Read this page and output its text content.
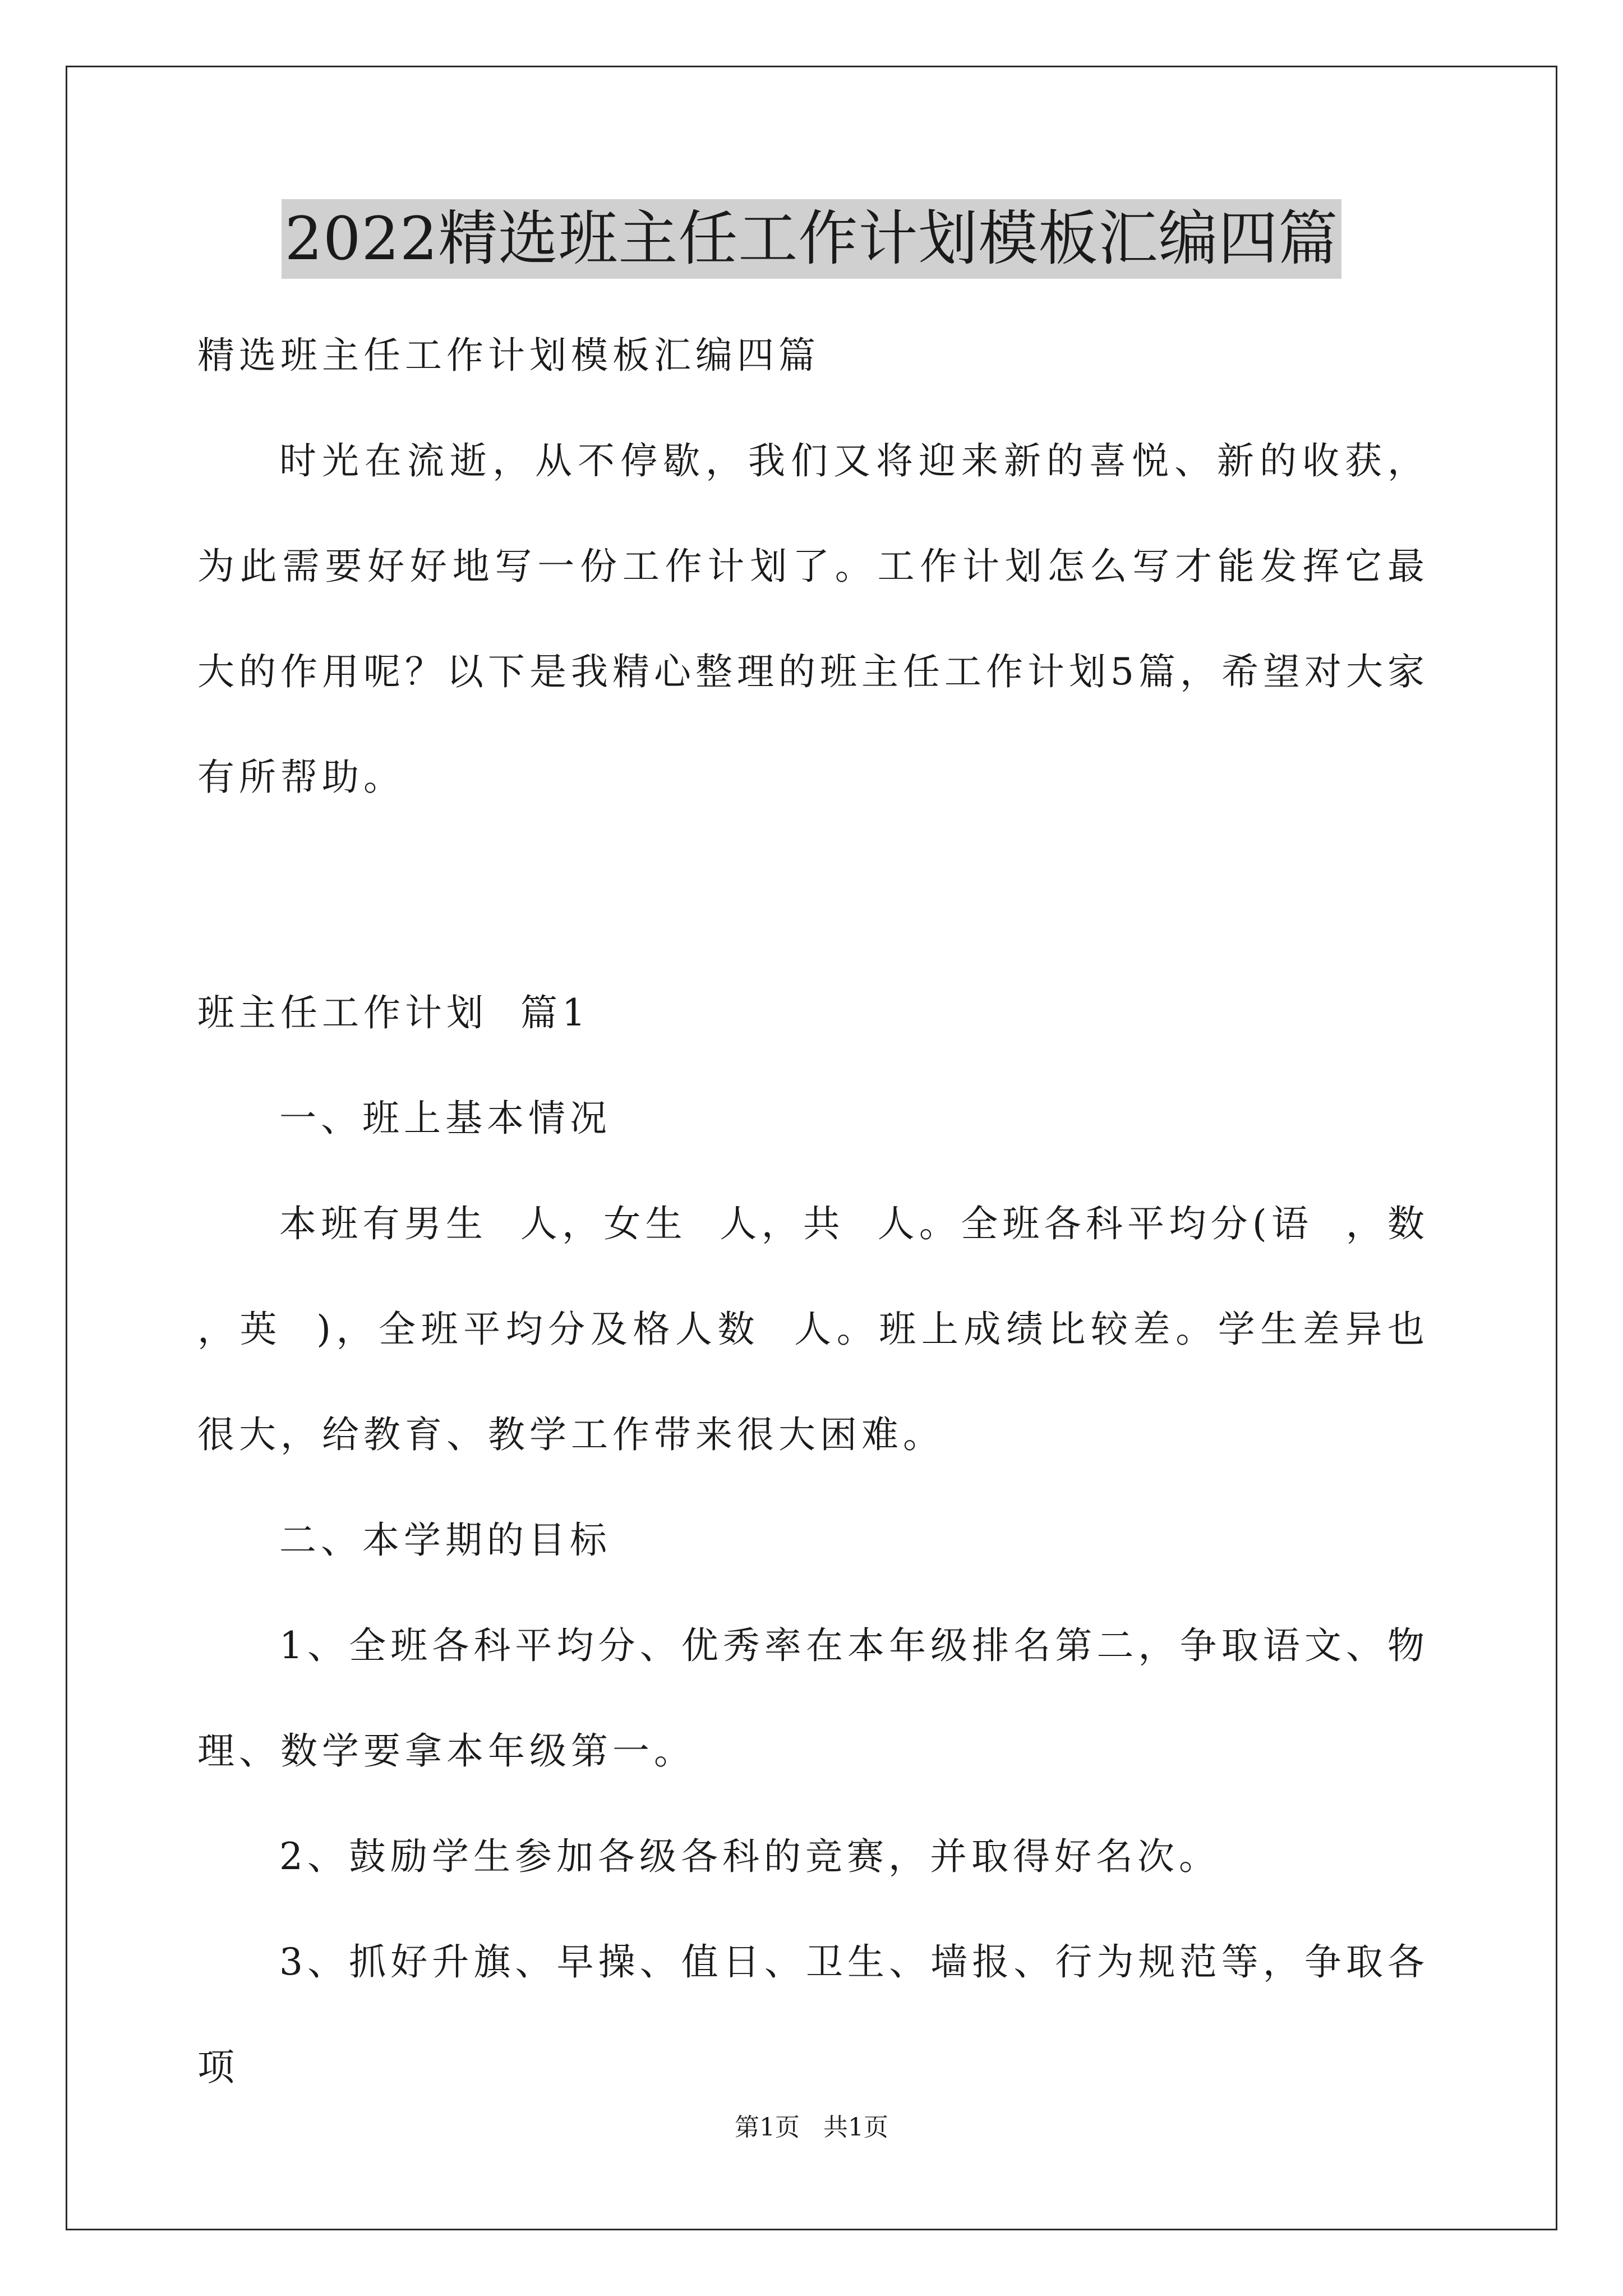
2022精选班主任工作计划模板汇编四篇

精选班主任工作计划模板汇编四篇

时光在流逝，从不停歇，我们又将迎来新的喜悦、新的收获，为此需要好好地写一份工作计划了。工作计划怎么写才能发挥它最大的作用呢？以下是我精心整理的班主任工作计划5篇，希望对大家有所帮助。

班主任工作计划  篇1

一、班上基本情况

本班有男生  人，女生  人，共  人。全班各科平均分(语  ，数  ，英  )，全班平均分及格人数  人。班上成绩比较差。学生差异也很大，给教育、教学工作带来很大困难。

二、本学期的目标

1、全班各科平均分、优秀率在本年级排名第二，争取语文、物理、数学要拿本年级第一。

2、鼓励学生参加各级各科的竞赛，并取得好名次。

3、抓好升旗、早操、值日、卫生、墙报、行为规范等，争取各项

第1页   共1页
